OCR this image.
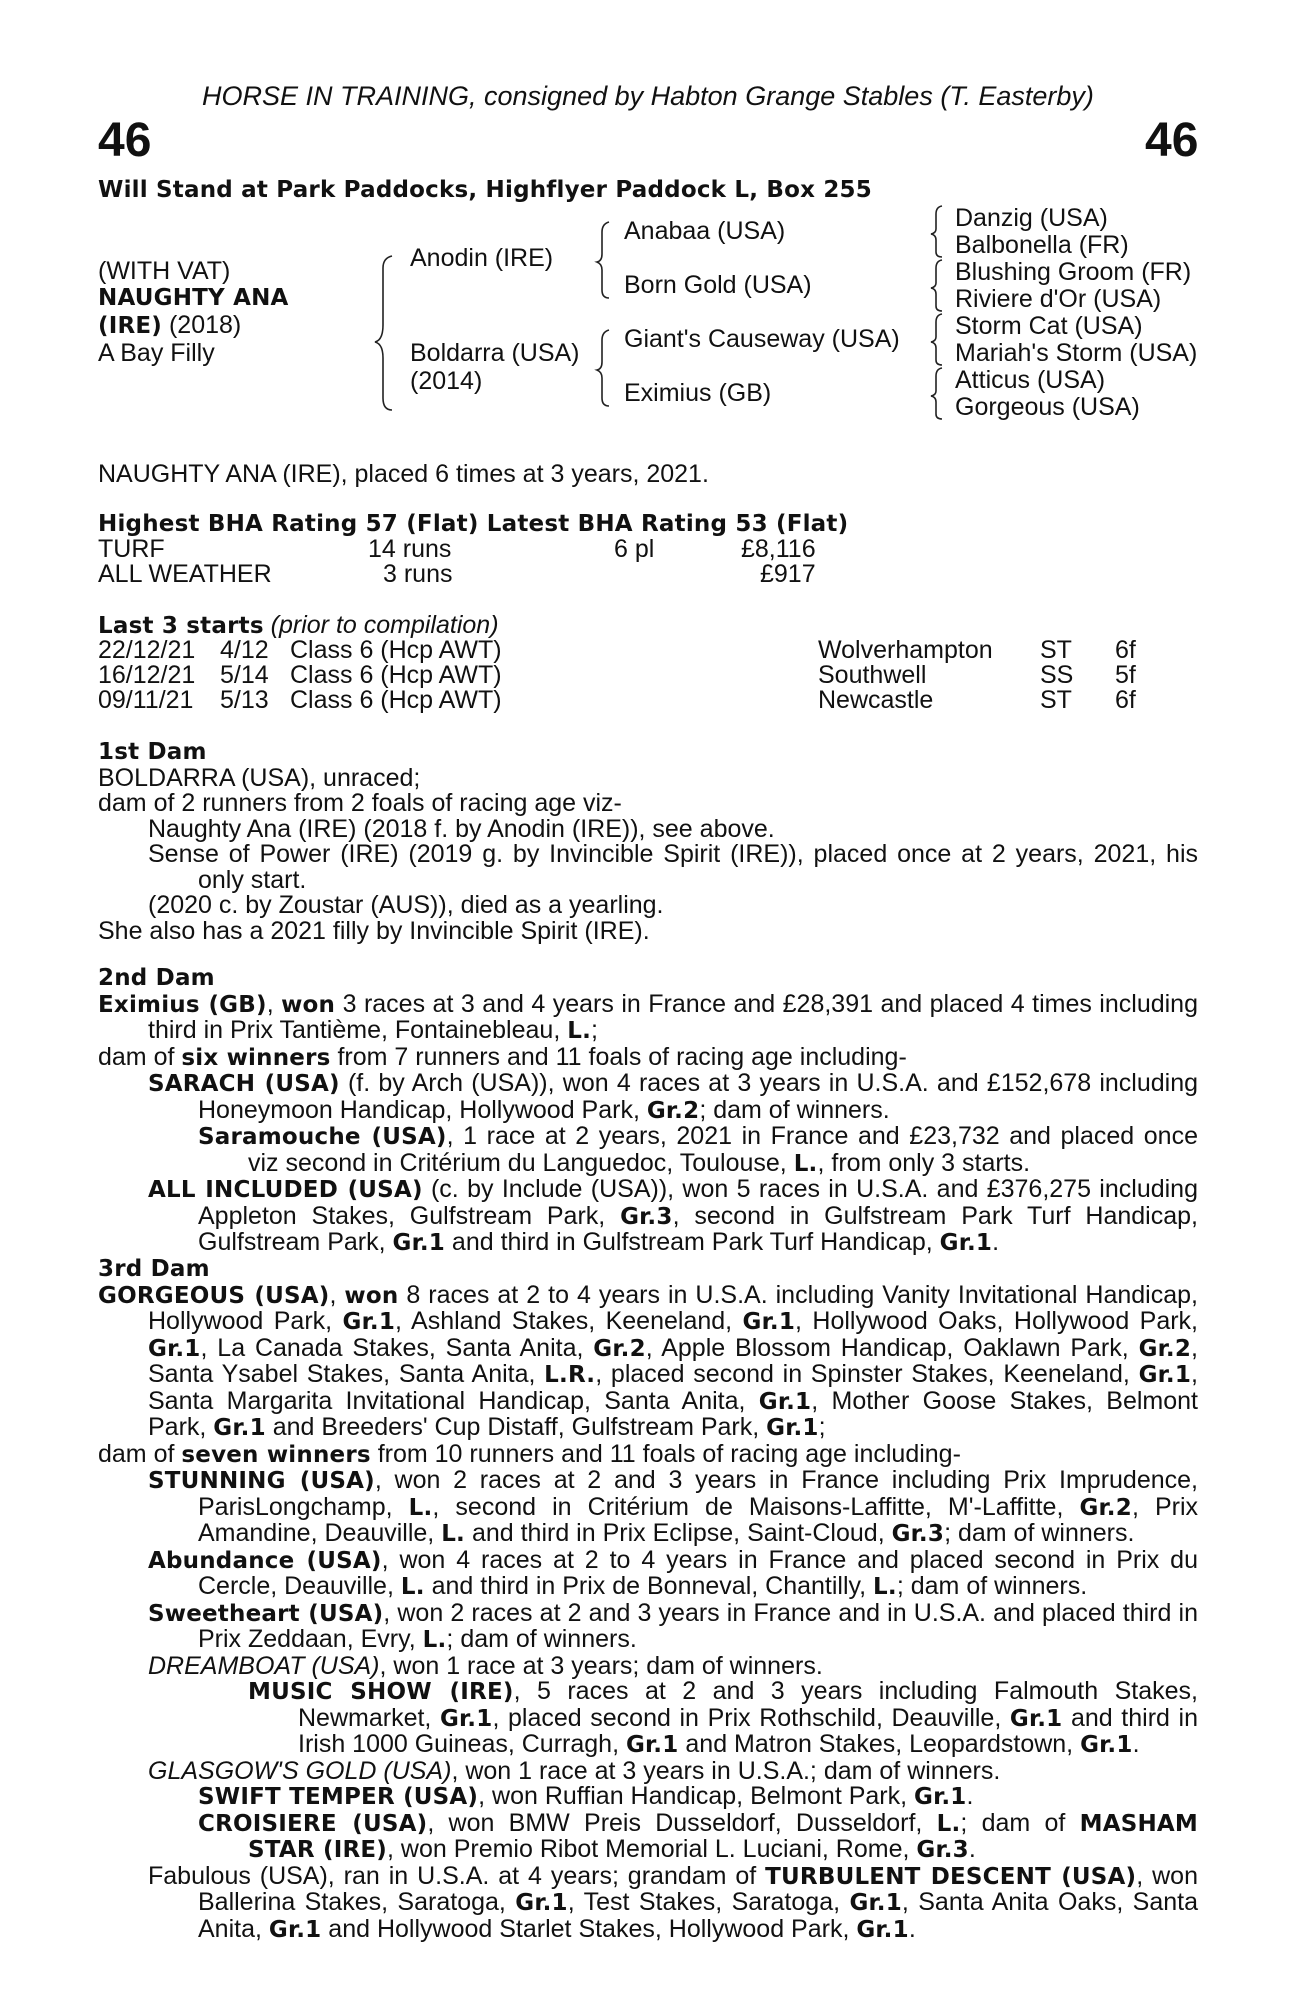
HORSE IN TRAINING, consigned by Habton Grange Stables (T. Easterby)
46	46
Will Stand at Park Paddocks, Highflyer Paddock L, Box 255
(WITH VAT)
NAUGHTY ANA
(IRE) (2018)
A Bay Filly
Anodin (IRE)
Boldarra (USA)
(2014)
Anabaa (USA)
Born Gold (USA)
Giant's Causeway (USA)
Eximius (GB)
Danzig (USA)
Balbonella (FR)
Blushing Groom (FR)
Riviere d'Or (USA)
Storm Cat (USA)
Mariah's Storm (USA)
Atticus (USA)
Gorgeous (USA)
NAUGHTY ANA (IRE), placed 6 times at 3 years, 2021.
Highest BHA Rating 57 (Flat) Latest BHA Rating 53 (Flat)
TURF	14 runs	6 pl	£8,116
ALL WEATHER	3 runs	£917
Last 3 starts (prior to compilation)
22/12/21 4/12 Class 6 (Hcp AWT)	Wolverhampton ST 6f
16/12/21 5/14 Class 6 (Hcp AWT)	Southwell	SS 5f
09/11/21 5/13 Class 6 (Hcp AWT)	Newcastle	ST 6f
1st Dam
BOLDARRA (USA), unraced;
dam of 2 runners from 2 foals of racing age viz-
Naughty Ana (IRE) (2018 f. by Anodin (IRE)), see above.
Sense of Power (IRE) (2019 g. by Invincible Spirit (IRE)), placed once at 2 years, 2021, his only start.
(2020 c. by Zoustar (AUS)), died as a yearling.
She also has a 2021 filly by Invincible Spirit (IRE).
2nd Dam
Eximius (GB), won 3 races at 3 and 4 years in France and £28,391 and placed 4 times including third in Prix Tantième, Fontainebleau, L.;
dam of six winners from 7 runners and 11 foals of racing age including-
SARACH (USA) (f. by Arch (USA)), won 4 races at 3 years in U.S.A. and £152,678 including Honeymoon Handicap, Hollywood Park, Gr.2; dam of winners.
Saramouche (USA), 1 race at 2 years, 2021 in France and £23,732 and placed once viz second in Critérium du Languedoc, Toulouse, L., from only 3 starts.
ALL INCLUDED (USA) (c. by Include (USA)), won 5 races in U.S.A. and £376,275 including Appleton Stakes, Gulfstream Park, Gr.3, second in Gulfstream Park Turf Handicap, Gulfstream Park, Gr.1 and third in Gulfstream Park Turf Handicap, Gr.1.
3rd Dam
GORGEOUS (USA), won 8 races at 2 to 4 years in U.S.A. including Vanity Invitational Handicap, Hollywood Park, Gr.1, Ashland Stakes, Keeneland, Gr.1, Hollywood Oaks, Hollywood Park, Gr.1, La Canada Stakes, Santa Anita, Gr.2, Apple Blossom Handicap, Oaklawn Park, Gr.2, Santa Ysabel Stakes, Santa Anita, L.R., placed second in Spinster Stakes, Keeneland, Gr.1, Santa Margarita Invitational Handicap, Santa Anita, Gr.1, Mother Goose Stakes, Belmont Park, Gr.1 and Breeders' Cup Distaff, Gulfstream Park, Gr.1;
dam of seven winners from 10 runners and 11 foals of racing age including-
STUNNING (USA), won 2 races at 2 and 3 years in France including Prix Imprudence, ParisLongchamp, L., second in Critérium de Maisons-Laffitte, M'-Laffitte, Gr.2, Prix Amandine, Deauville, L. and third in Prix Eclipse, Saint-Cloud, Gr.3; dam of winners.
Abundance (USA), won 4 races at 2 to 4 years in France and placed second in Prix du Cercle, Deauville, L. and third in Prix de Bonneval, Chantilly, L.; dam of winners.
Sweetheart (USA), won 2 races at 2 and 3 years in France and in U.S.A. and placed third in Prix Zeddaan, Evry, L.; dam of winners.
DREAMBOAT (USA), won 1 race at 3 years; dam of winners.
MUSIC SHOW (IRE), 5 races at 2 and 3 years including Falmouth Stakes, Newmarket, Gr.1, placed second in Prix Rothschild, Deauville, Gr.1 and third in Irish 1000 Guineas, Curragh, Gr.1 and Matron Stakes, Leopardstown, Gr.1.
GLASGOW'S GOLD (USA), won 1 race at 3 years in U.S.A.; dam of winners.
SWIFT TEMPER (USA), won Ruffian Handicap, Belmont Park, Gr.1.
CROISIERE (USA), won BMW Preis Dusseldorf, Dusseldorf, L.; dam of MASHAM STAR (IRE), won Premio Ribot Memorial L. Luciani, Rome, Gr.3.
Fabulous (USA), ran in U.S.A. at 4 years; grandam of TURBULENT DESCENT (USA), won Ballerina Stakes, Saratoga, Gr.1, Test Stakes, Saratoga, Gr.1, Santa Anita Oaks, Santa Anita, Gr.1 and Hollywood Starlet Stakes, Hollywood Park, Gr.1.
